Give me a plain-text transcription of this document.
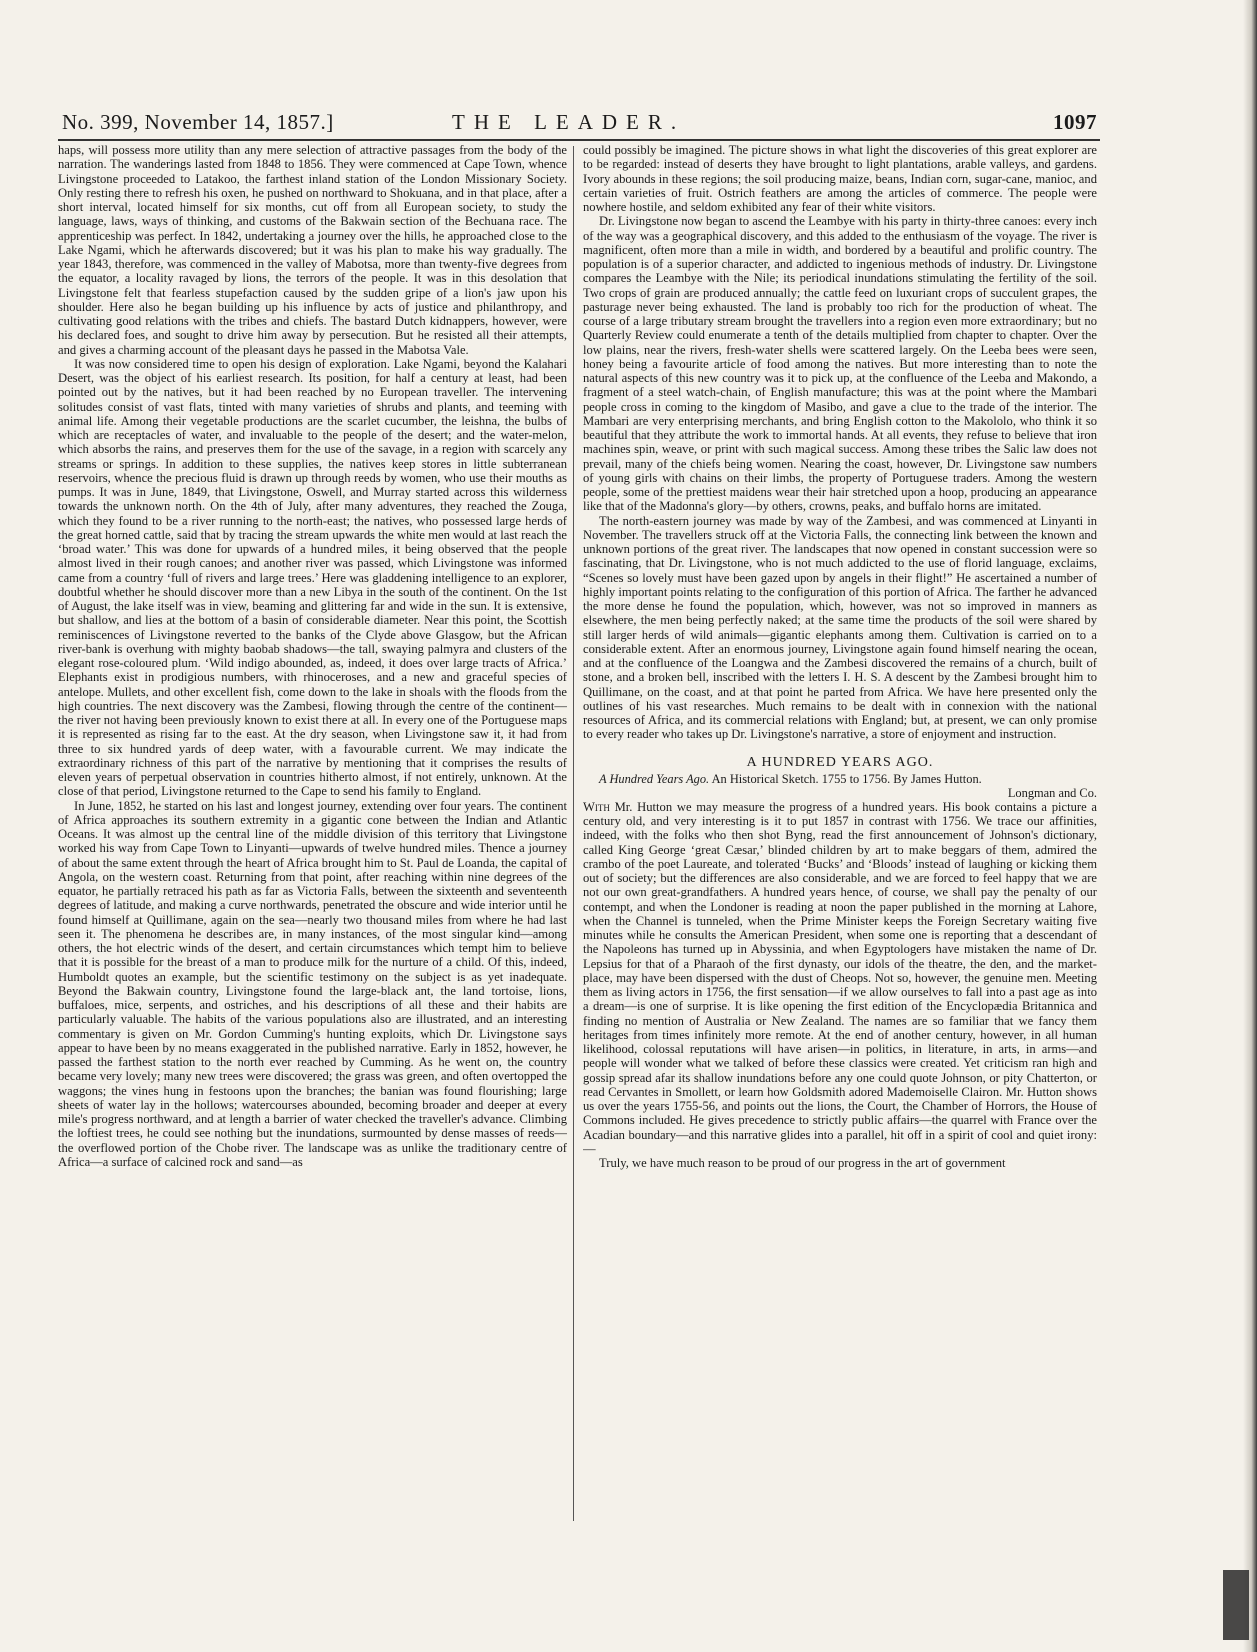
No. 399, November 14, 1857.]	THE LEADER.	1097

haps, will possess more utility than any mere selection of attractive passages from the body of the narration. The wanderings lasted from 1848 to 1856. They were commenced at Cape Town, whence Livingstone proceeded to Latakoo, the farthest inland station of the London Missionary Society. Only resting there to refresh his oxen, he pushed on northward to Shokuana, and in that place, after a short interval, located himself for six months, cut off from all European society, to study the language, laws, ways of thinking, and customs of the Bakwain section of the Bechuana race. The apprenticeship was perfect. In 1842, undertaking a journey over the hills, he approached close to the Lake Ngami, which he afterwards discovered; but it was his plan to make his way gradually. The year 1843, therefore, was commenced in the valley of Mabotsa, more than twenty-five degrees from the equator, a locality ravaged by lions, the terrors of the people. It was in this desolation that Livingstone felt that fearless stupefaction caused by the sudden gripe of a lion's jaw upon his shoulder. Here also he began building up his influence by acts of justice and philanthropy, and cultivating good relations with the tribes and chiefs. The bastard Dutch kidnappers, however, were his declared foes, and sought to drive him away by persecution. But he resisted all their attempts, and gives a charming account of the pleasant days he passed in the Mabotsa Vale.

It was now considered time to open his design of exploration. Lake Ngami, beyond the Kalahari Desert, was the object of his earliest research. Its position, for half a century at least, had been pointed out by the natives, but it had been reached by no European traveller. The intervening solitudes consist of vast flats, tinted with many varieties of shrubs and plants, and teeming with animal life. Among their vegetable productions are the scarlet cucumber, the leishna, the bulbs of which are receptacles of water, and invaluable to the people of the desert; and the water-melon, which absorbs the rains, and preserves them for the use of the savage, in a region with scarcely any streams or springs. In addition to these supplies, the natives keep stores in little subterranean reservoirs, whence the precious fluid is drawn up through reeds by women, who use their mouths as pumps. It was in June, 1849, that Livingstone, Oswell, and Murray started across this wilderness towards the unknown north. On the 4th of July, after many adventures, they reached the Zouga, which they found to be a river running to the north-east; the natives, who possessed large herds of the great horned cattle, said that by tracing the stream upwards the white men would at last reach the ‘broad water.’ This was done for upwards of a hundred miles, it being observed that the people almost lived in their rough canoes; and another river was passed, which Livingstone was informed came from a country ‘full of rivers and large trees.’ Here was gladdening intelligence to an explorer, doubtful whether he should discover more than a new Libya in the south of the continent. On the 1st of August, the lake itself was in view, beaming and glittering far and wide in the sun. It is extensive, but shallow, and lies at the bottom of a basin of considerable diameter. Near this point, the Scottish reminiscences of Livingstone reverted to the banks of the Clyde above Glasgow, but the African river-bank is overhung with mighty baobab shadows—the tall, swaying palmyra and clusters of the elegant rose-coloured plum. ‘Wild indigo abounded, as, indeed, it does over large tracts of Africa.’ Elephants exist in prodigious numbers, with rhinoceroses, and a new and graceful species of antelope. Mullets, and other excellent fish, come down to the lake in shoals with the floods from the high countries. The next discovery was the Zambesi, flowing through the centre of the continent—the river not having been previously known to exist there at all. In every one of the Portuguese maps it is represented as rising far to the east. At the dry season, when Livingstone saw it, it had from three to six hundred yards of deep water, with a favourable current. We may indicate the extraordinary richness of this part of the narrative by mentioning that it comprises the results of eleven years of perpetual observation in countries hitherto almost, if not entirely, unknown. At the close of that period, Livingstone returned to the Cape to send his family to England.

In June, 1852, he started on his last and longest journey, extending over four years. The continent of Africa approaches its southern extremity in a gigantic cone between the Indian and Atlantic Oceans. It was almost up the central line of the middle division of this territory that Livingstone worked his way from Cape Town to Linyanti—upwards of twelve hundred miles. Thence a journey of about the same extent through the heart of Africa brought him to St. Paul de Loanda, the capital of Angola, on the western coast. Returning from that point, after reaching within nine degrees of the equator, he partially retraced his path as far as Victoria Falls, between the sixteenth and seventeenth degrees of latitude, and making a curve northwards, penetrated the obscure and wide interior until he found himself at Quillimane, again on the sea—nearly two thousand miles from where he had last seen it. The phenomena he describes are, in many instances, of the most singular kind—among others, the hot electric winds of the desert, and certain circumstances which tempt him to believe that it is possible for the breast of a man to produce milk for the nurture of a child. Of this, indeed, Humboldt quotes an example, but the scientific testimony on the subject is as yet inadequate. Beyond the Bakwain country, Livingstone found the large-black ant, the land tortoise, lions, buffaloes, mice, serpents, and ostriches, and his descriptions of all these and their habits are particularly valuable. The habits of the various populations also are illustrated, and an interesting commentary is given on Mr. Gordon Cumming's hunting exploits, which Dr. Livingstone says appear to have been by no means exaggerated in the published narrative. Early in 1852, however, he passed the farthest station to the north ever reached by Cumming. As he went on, the country became very lovely; many new trees were discovered; the grass was green, and often overtopped the waggons; the vines hung in festoons upon the branches; the banian was found flourishing; large sheets of water lay in the hollows; watercourses abounded, becoming broader and deeper at every mile's progress northward, and at length a barrier of water checked the traveller's advance. Climbing the loftiest trees, he could see nothing but the inundations, surmounted by dense masses of reeds—the overflowed portion of the Chobe river. The landscape was as unlike the traditionary centre of Africa—a surface of calcined rock and sand—as

could possibly be imagined. The picture shows in what light the discoveries of this great explorer are to be regarded: instead of deserts they have brought to light plantations, arable valleys, and gardens. Ivory abounds in these regions; the soil producing maize, beans, Indian corn, sugar-cane, manioc, and certain varieties of fruit. Ostrich feathers are among the articles of commerce. The people were nowhere hostile, and seldom exhibited any fear of their white visitors.

Dr. Livingstone now began to ascend the Leambye with his party in thirty-three canoes: every inch of the way was a geographical discovery, and this added to the enthusiasm of the voyage. The river is magnificent, often more than a mile in width, and bordered by a beautiful and prolific country. The population is of a superior character, and addicted to ingenious methods of industry. Dr. Livingstone compares the Leambye with the Nile; its periodical inundations stimulating the fertility of the soil. Two crops of grain are produced annually; the cattle feed on luxuriant crops of succulent grapes, the pasturage never being exhausted. The land is probably too rich for the production of wheat. The course of a large tributary stream brought the travellers into a region even more extraordinary; but no Quarterly Review could enumerate a tenth of the details multiplied from chapter to chapter. Over the low plains, near the rivers, fresh-water shells were scattered largely. On the Leeba bees were seen, honey being a favourite article of food among the natives. But more interesting than to note the natural aspects of this new country was it to pick up, at the confluence of the Leeba and Makondo, a fragment of a steel watch-chain, of English manufacture; this was at the point where the Mambari people cross in coming to the kingdom of Masibo, and gave a clue to the trade of the interior. The Mambari are very enterprising merchants, and bring English cotton to the Makololo, who think it so beautiful that they attribute the work to immortal hands. At all events, they refuse to believe that iron machines spin, weave, or print with such magical success. Among these tribes the Salic law does not prevail, many of the chiefs being women. Nearing the coast, however, Dr. Livingstone saw numbers of young girls with chains on their limbs, the property of Portuguese traders. Among the western people, some of the prettiest maidens wear their hair stretched upon a hoop, producing an appearance like that of the Madonna's glory—by others, crowns, peaks, and buffalo horns are imitated.

The north-eastern journey was made by way of the Zambesi, and was commenced at Linyanti in November. The travellers struck off at the Victoria Falls, the connecting link between the known and unknown portions of the great river. The landscapes that now opened in constant succession were so fascinating, that Dr. Livingstone, who is not much addicted to the use of florid language, exclaims, “Scenes so lovely must have been gazed upon by angels in their flight!” He ascertained a number of highly important points relating to the configuration of this portion of Africa. The farther he advanced the more dense he found the population, which, however, was not so improved in manners as elsewhere, the men being perfectly naked; at the same time the products of the soil were shared by still larger herds of wild animals—gigantic elephants among them. Cultivation is carried on to a considerable extent. After an enormous journey, Livingstone again found himself nearing the ocean, and at the confluence of the Loangwa and the Zambesi discovered the remains of a church, built of stone, and a broken bell, inscribed with the letters I. H. S. A descent by the Zambesi brought him to Quillimane, on the coast, and at that point he parted from Africa. We have here presented only the outlines of his vast researches. Much remains to be dealt with in connexion with the national resources of Africa, and its commercial relations with England; but, at present, we can only promise to every reader who takes up Dr. Livingstone's narrative, a store of enjoyment and instruction.

A HUNDRED YEARS AGO.

A Hundred Years Ago. An Historical Sketch. 1755 to 1756. By James Hutton.

Longman and Co.

With Mr. Hutton we may measure the progress of a hundred years. His book contains a picture a century old, and very interesting is it to put 1857 in contrast with 1756. We trace our affinities, indeed, with the folks who then shot Byng, read the first announcement of Johnson's dictionary, called King George ‘great Cæsar,’ blinded children by art to make beggars of them, admired the crambo of the poet Laureate, and tolerated ‘Bucks’ and ‘Bloods’ instead of laughing or kicking them out of society; but the differences are also considerable, and we are forced to feel happy that we are not our own great-grandfathers. A hundred years hence, of course, we shall pay the penalty of our contempt, and when the Londoner is reading at noon the paper published in the morning at Lahore, when the Channel is tunneled, when the Prime Minister keeps the Foreign Secretary waiting five minutes while he consults the American President, when some one is reporting that a descendant of the Napoleons has turned up in Abyssinia, and when Egyptologers have mistaken the name of Dr. Lepsius for that of a Pharaoh of the first dynasty, our idols of the theatre, the den, and the market-place, may have been dispersed with the dust of Cheops. Not so, however, the genuine men. Meeting them as living actors in 1756, the first sensation—if we allow ourselves to fall into a past age as into a dream—is one of surprise. It is like opening the first edition of the Encyclopædia Britannica and finding no mention of Australia or New Zealand. The names are so familiar that we fancy them heritages from times infinitely more remote. At the end of another century, however, in all human likelihood, colossal reputations will have arisen—in politics, in literature, in arts, in arms—and people will wonder what we talked of before these classics were created. Yet criticism ran high and gossip spread afar its shallow inundations before any one could quote Johnson, or pity Chatterton, or read Cervantes in Smollett, or learn how Goldsmith adored Mademoiselle Clairon. Mr. Hutton shows us over the years 1755-56, and points out the lions, the Court, the Chamber of Horrors, the House of Commons included. He gives precedence to strictly public affairs—the quarrel with France over the Acadian boundary—and this narrative glides into a parallel, hit off in a spirit of cool and quiet irony:—

Truly, we have much reason to be proud of our progress in the art of government
